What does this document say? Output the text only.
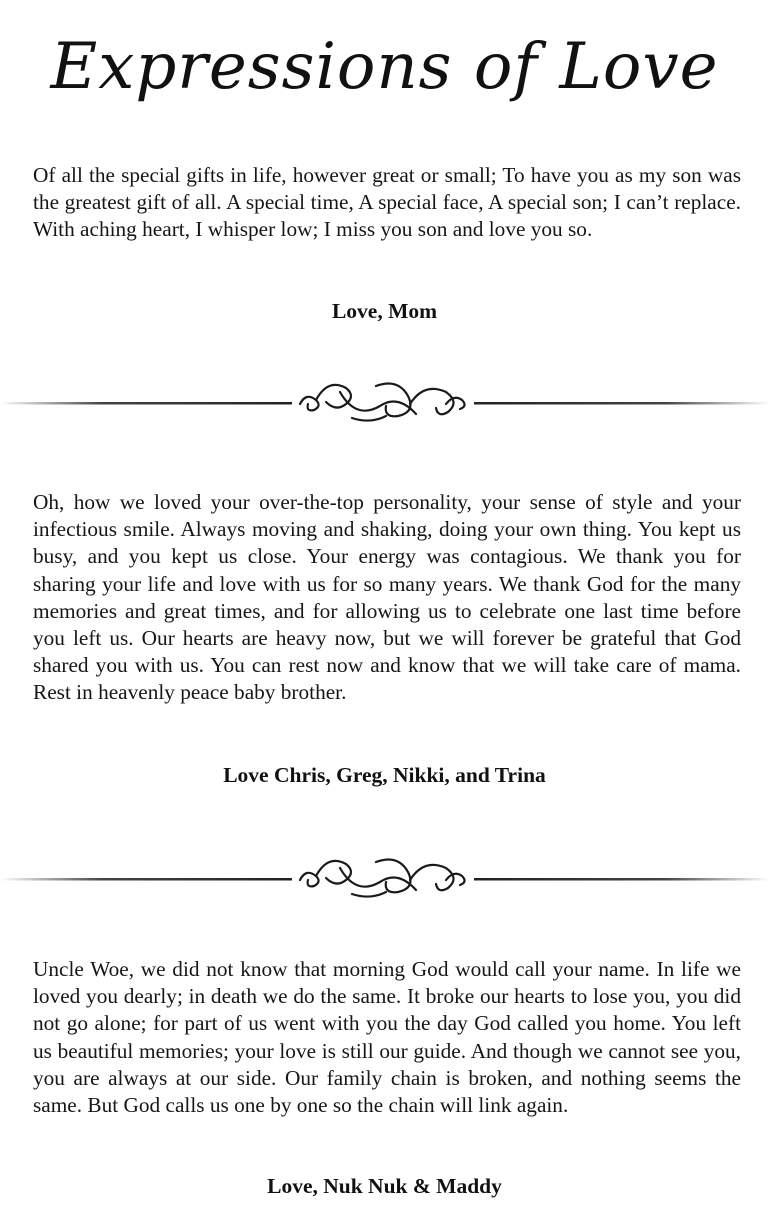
Expressions of Love

Of all the special gifts in life, however great or small; To have you as my son was the greatest gift of all. A special time, A special face, A special son; I can’t replace. With aching heart, I whisper low; I miss you son and love you so.

Love, Mom

Oh, how we loved your over-the-top personality, your sense of style and your infectious smile. Always moving and shaking, doing your own thing. You kept us busy, and you kept us close. Your energy was contagious. We thank you for sharing your life and love with us for so many years. We thank God for the many memories and great times, and for allowing us to celebrate one last time before you left us. Our hearts are heavy now, but we will forever be grateful that God shared you with us. You can rest now and know that we will take care of mama. Rest in heavenly peace baby brother.

Love Chris, Greg, Nikki, and Trina

Uncle Woe, we did not know that morning God would call your name. In life we loved you dearly; in death we do the same. It broke our hearts to lose you, you did not go alone; for part of us went with you the day God called you home. You left us beautiful memories; your love is still our guide. And though we cannot see you, you are always at our side. Our family chain is broken, and nothing seems the same. But God calls us one by one so the chain will link again.

Love, Nuk Nuk & Maddy
